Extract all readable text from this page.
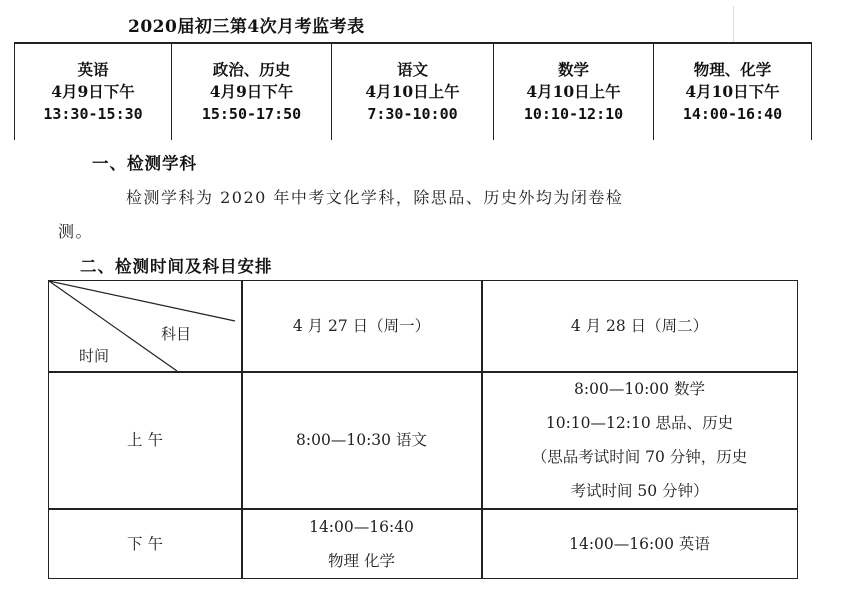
2020届初三第4次月考监考表
英语
4月9日下午
13:30-15:30
政治、历史
4月9日下午
15:50-17:50
语文
4月10日上午
7:30-10:00
数学
4月10日上午
10:10-12:10
物理、化学
4月10日下午
14:00-16:40
一、检测学科
检测学科为 2020 年中考文化学科，除思品、历史外均为闭卷检
测。
二、检测时间及科目安排
科目
时间
4 月 27 日（周一）	4 月 28 日（周二）
上 午	8:00—10:30 语文
8:00—10:00 数学
10:10—12:10 思品、历史
（思品考试时间 70 分钟，历史
考试时间 50 分钟）
下 午
14:00—16:40
物理 化学
14:00—16:00 英语
